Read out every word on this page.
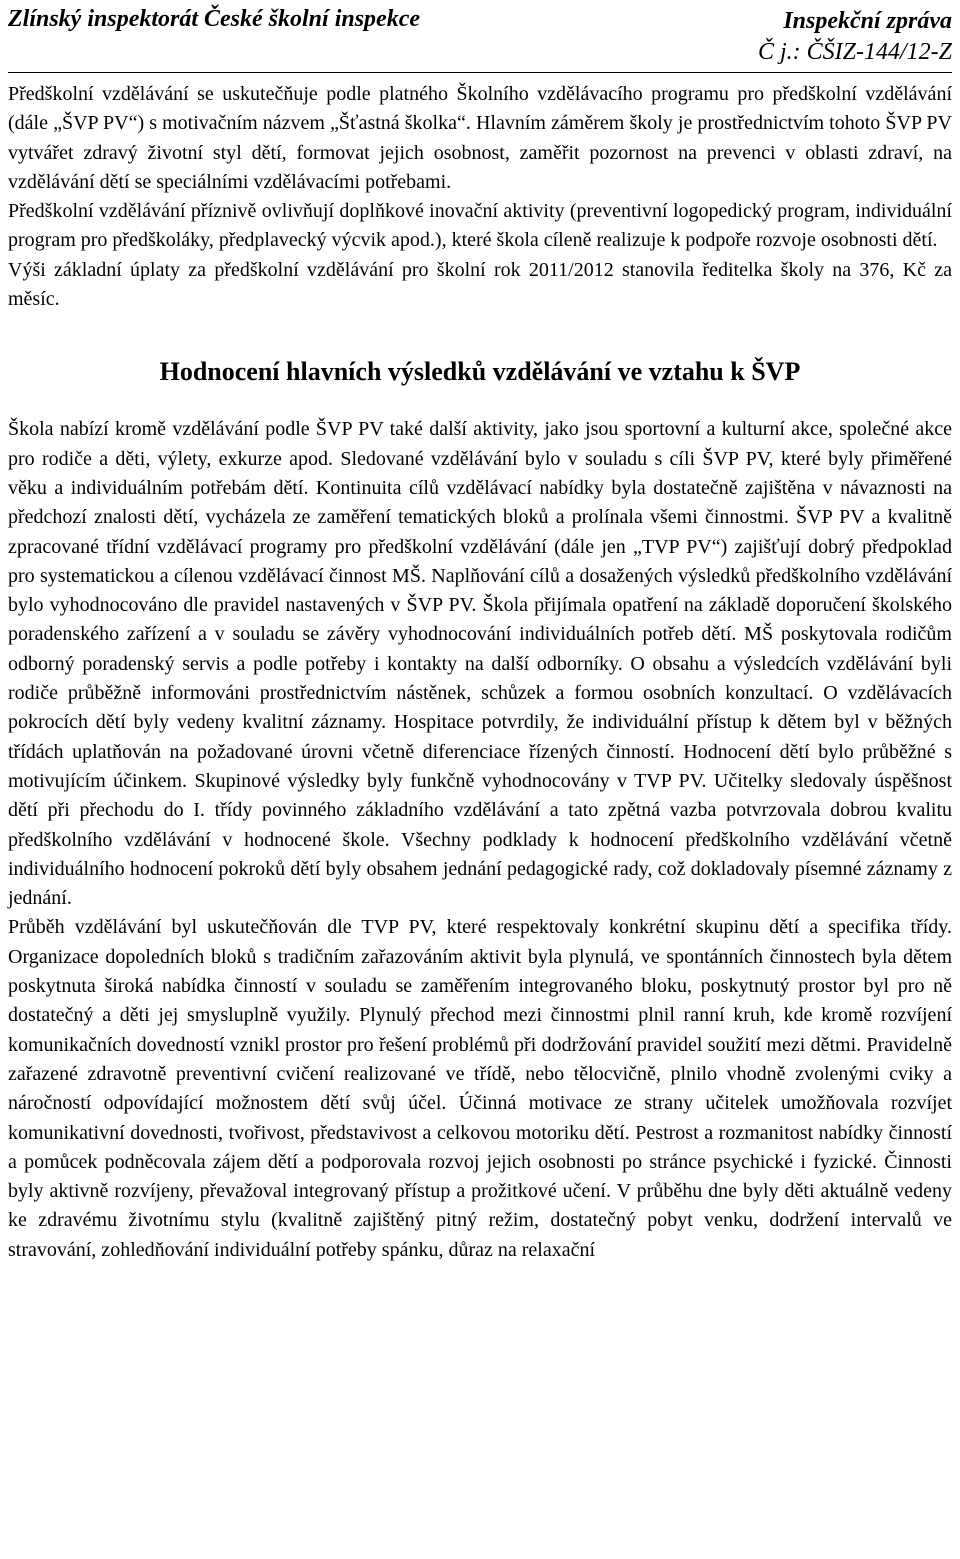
Zlínský inspektorát České školní inspekce	Inspekční zpráva
Č j.: ČŠIZ-144/12-Z

Předškolní vzdělávání se uskutečňuje podle platného Školního vzdělávacího programu pro předškolní vzdělávání (dále „ŠVP PV“) s motivačním názvem „Šťastná školka“. Hlavním záměrem školy je prostřednictvím tohoto ŠVP PV vytvářet zdravý životní styl dětí, formovat jejich osobnost, zaměřit pozornost na prevenci v oblasti zdraví, na vzdělávání dětí se speciálními vzdělávacími potřebami.

Předškolní vzdělávání příznivě ovlivňují doplňkové inovační aktivity (preventivní logopedický program, individuální program pro předškoláky, předplavecký výcvik apod.), které škola cíleně realizuje k podpoře rozvoje osobnosti dětí.

Výši základní úplaty za předškolní vzdělávání pro školní rok 2011/2012 stanovila ředitelka školy na 376, Kč za měsíc.

Hodnocení hlavních výsledků vzdělávání ve vztahu k ŠVP

Škola nabízí kromě vzdělávání podle ŠVP PV také další aktivity, jako jsou sportovní a kulturní akce, společné akce pro rodiče a děti, výlety, exkurze apod. Sledované vzdělávání bylo v souladu s cíli ŠVP PV, které byly přiměřené věku a individuálním potřebám dětí. Kontinuita cílů vzdělávací nabídky byla dostatečně zajištěna v návaznosti na předchozí znalosti dětí, vycházela ze zaměření tematických bloků a prolínala všemi činnostmi. ŠVP PV a kvalitně zpracované třídní vzdělávací programy pro předškolní vzdělávání (dále jen „TVP PV“) zajišťují dobrý předpoklad pro systematickou a cílenou vzdělávací činnost MŠ. Naplňování cílů a dosažených výsledků předškolního vzdělávání bylo vyhodnocováno dle pravidel nastavených v ŠVP PV. Škola přijímala opatření na základě doporučení školského poradenského zařízení a v souladu se závěry vyhodnocování individuálních potřeb dětí. MŠ poskytovala rodičům odborný poradenský servis a podle potřeby i kontakty na další odborníky. O obsahu a výsledcích vzdělávání byli rodiče průběžně informováni prostřednictvím nástěnek, schůzek a formou osobních konzultací. O vzdělávacích pokrocích dětí byly vedeny kvalitní záznamy. Hospitace potvrdily, že individuální přístup k dětem byl v běžných třídách uplatňován na požadované úrovni včetně diferenciace řízených činností. Hodnocení dětí bylo průběžné s motivujícím účinkem. Skupinové výsledky byly funkčně vyhodnocovány v TVP PV. Učitelky sledovaly úspěšnost dětí při přechodu do I. třídy povinného základního vzdělávání a tato zpětná vazba potvrzovala dobrou kvalitu předškolního vzdělávání v hodnocené škole. Všechny podklady k hodnocení předškolního vzdělávání včetně individuálního hodnocení pokroků dětí byly obsahem jednání pedagogické rady, což dokladovaly písemné záznamy z jednání.

Průběh vzdělávání byl uskutečňován dle TVP PV, které respektovaly konkrétní skupinu dětí a specifika třídy. Organizace dopoledních bloků s tradičním zařazováním aktivit byla plynulá, ve spontánních činnostech byla dětem poskytnuta široká nabídka činností v souladu se zaměřením integrovaného bloku, poskytnutý prostor byl pro ně dostatečný a děti jej smysluplně využily. Plynulý přechod mezi činnostmi plnil ranní kruh, kde kromě rozvíjení komunikačních dovedností vznikl prostor pro řešení problémů při dodržování pravidel soužití mezi dětmi. Pravidelně zařazené zdravotně preventivní cvičení realizované ve třídě, nebo tělocvičně, plnilo vhodně zvolenými cviky a náročností odpovídající možnostem dětí svůj účel. Účinná motivace ze strany učitelek umožňovala rozvíjet komunikativní dovednosti, tvořivost, představivost a celkovou motoriku dětí. Pestrost a rozmanitost nabídky činností a pomůcek podněcovala zájem dětí a podporovala rozvoj jejich osobnosti po stránce psychické i fyzické. Činnosti byly aktivně rozvíjeny, převažoval integrovaný přístup a prožitkové učení. V průběhu dne byly děti aktuálně vedeny ke zdravému životnímu stylu (kvalitně zajištěný pitný režim, dostatečný pobyt venku, dodržení intervalů ve stravování, zohledňování individuální potřeby spánku, důraz na relaxační
